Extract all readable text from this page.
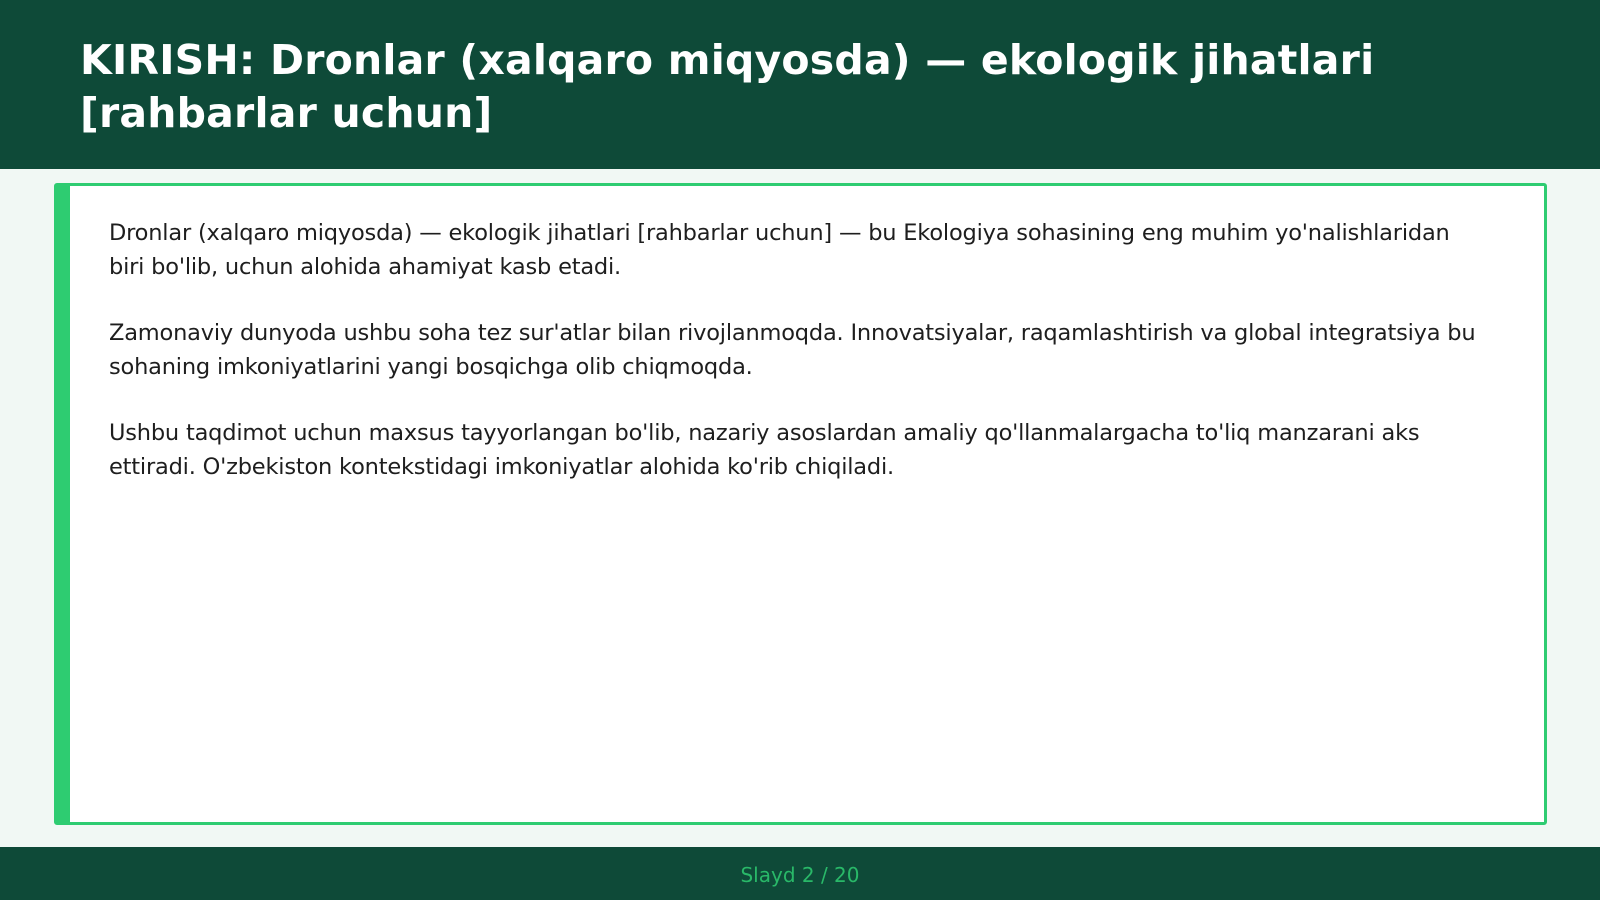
KIRISH: Dronlar (xalqaro miqyosda) — ekologik jihatlari [rahbarlar uchun]

Dronlar (xalqaro miqyosda) — ekologik jihatlari [rahbarlar uchun] — bu Ekologiya sohasining eng muhim yo'nalishlaridan biri bo'lib, uchun alohida ahamiyat kasb etadi.

Zamonaviy dunyoda ushbu soha tez sur'atlar bilan rivojlanmoqda. Innovatsiyalar, raqamlashtirish va global integratsiya bu sohaning imkoniyatlarini yangi bosqichga olib chiqmoqda.

Ushbu taqdimot uchun maxsus tayyorlangan bo'lib, nazariy asoslardan amaliy qo'llanmalargacha to'liq manzarani aks ettiradi. O'zbekiston kontekstidagi imkoniyatlar alohida ko'rib chiqiladi.

Slayd 2 / 20
